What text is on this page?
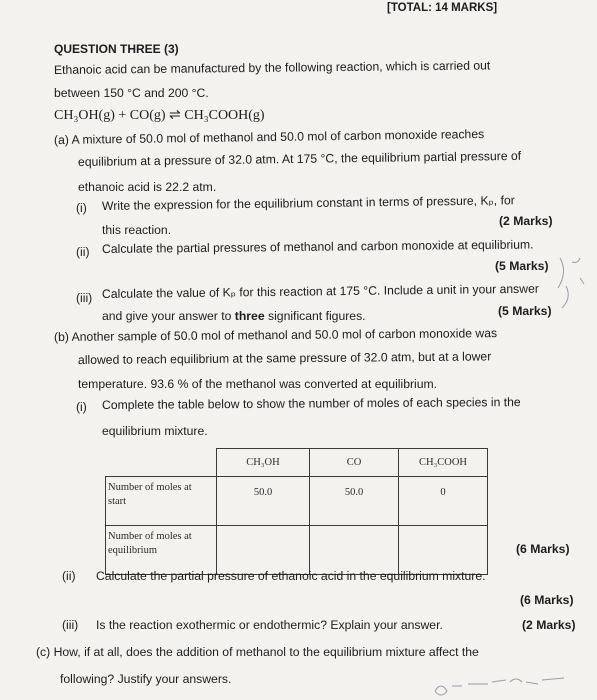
[TOTAL: 14 MARKS]
QUESTION THREE (3)
Ethanoic acid can be manufactured by the following reaction, which is carried out
between 150 °C and 200 °C.
CH₃OH(g) + CO(g) ⇌ CH₃COOH(g)
(a) A mixture of 50.0 mol of methanol and 50.0 mol of carbon monoxide reaches
equilibrium at a pressure of 32.0 atm. At 175 °C, the equilibrium partial pressure of
ethanoic acid is 22.2 atm.
(i) Write the expression for the equilibrium constant in terms of pressure, Kₚ, for
this reaction.
(2 Marks)
(ii) Calculate the partial pressures of methanol and carbon monoxide at equilibrium.
(5 Marks)
(iii) Calculate the value of Kₚ for this reaction at 175 °C. Include a unit in your answer
and give your answer to three significant figures.	(5 Marks)
(b) Another sample of 50.0 mol of methanol and 50.0 mol of carbon monoxide was
allowed to reach equilibrium at the same pressure of 32.0 atm, but at a lower
temperature. 93.6 % of the methanol was converted at equilibrium.
(i) Complete the table below to show the number of moles of each species in the
equilibrium mixture.
	CH₃OH	CO	CH₃COOH

Number of moles at
start	50.0	50.0	0

Number of moles at
equilibrium			
				(6 Marks)
(ii) Calculate the partial pressure of ethanoic acid in the equilibrium mixture.
(6 Marks)
(iii) Is the reaction exothermic or endothermic? Explain your answer.	(2 Marks)
(c) How, if at all, does the addition of methanol to the equilibrium mixture affect the
following? Justify your answers.
